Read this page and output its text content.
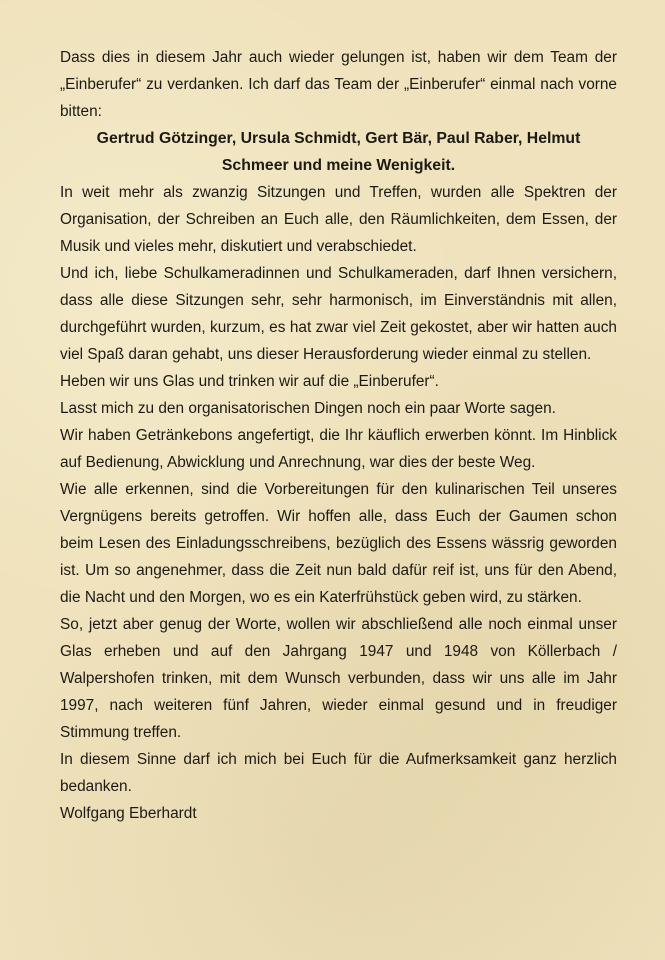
Dass dies in diesem Jahr auch wieder gelungen ist, haben wir dem Team der „Einberufer“ zu verdanken. Ich darf das Team der „Einberufer“ einmal nach vorne bitten:

Gertrud Götzinger, Ursula Schmidt, Gert Bär, Paul Raber, Helmut Schmeer und meine Wenigkeit.

In weit mehr als zwanzig Sitzungen und Treffen, wurden alle Spektren der Organisation, der Schreiben an Euch alle, den Räumlichkeiten, dem Essen, der Musik und vieles mehr, diskutiert und verabschiedet.

Und ich, liebe Schulkameradinnen und Schulkameraden, darf Ihnen versichern, dass alle diese Sitzungen sehr, sehr harmonisch, im Einverständnis mit allen, durchgeführt wurden, kurzum, es hat zwar viel Zeit gekostet, aber wir hatten auch viel Spaß daran gehabt, uns dieser Herausforderung wieder einmal zu stellen.

Heben wir uns Glas und trinken wir auf die „Einberufer“.

Lasst mich zu den organisatorischen Dingen noch ein paar Worte sagen.

Wir haben Getränkebons angefertigt, die Ihr käuflich erwerben könnt. Im Hinblick auf Bedienung, Abwicklung und Anrechnung, war dies der beste Weg.

Wie alle erkennen, sind die Vorbereitungen für den kulinarischen Teil unseres Vergnügens bereits getroffen. Wir hoffen alle, dass Euch der Gaumen schon beim Lesen des Einladungsschreibens, bezüglich des Essens wässrig geworden ist. Um so angenehmer, dass die Zeit nun bald dafür reif ist, uns für den Abend, die Nacht und den Morgen, wo es ein Katerfrühstück geben wird, zu stärken.

So, jetzt aber genug der Worte, wollen wir abschließend alle noch einmal unser Glas erheben und auf den Jahrgang 1947 und 1948 von Köllerbach / Walpershofen trinken, mit dem Wunsch verbunden, dass wir uns alle im Jahr 1997, nach weiteren fünf Jahren, wieder einmal gesund und in freudiger Stimmung treffen.

In diesem Sinne darf ich mich bei Euch für die Aufmerksamkeit ganz herzlich bedanken.

Wolfgang Eberhardt
